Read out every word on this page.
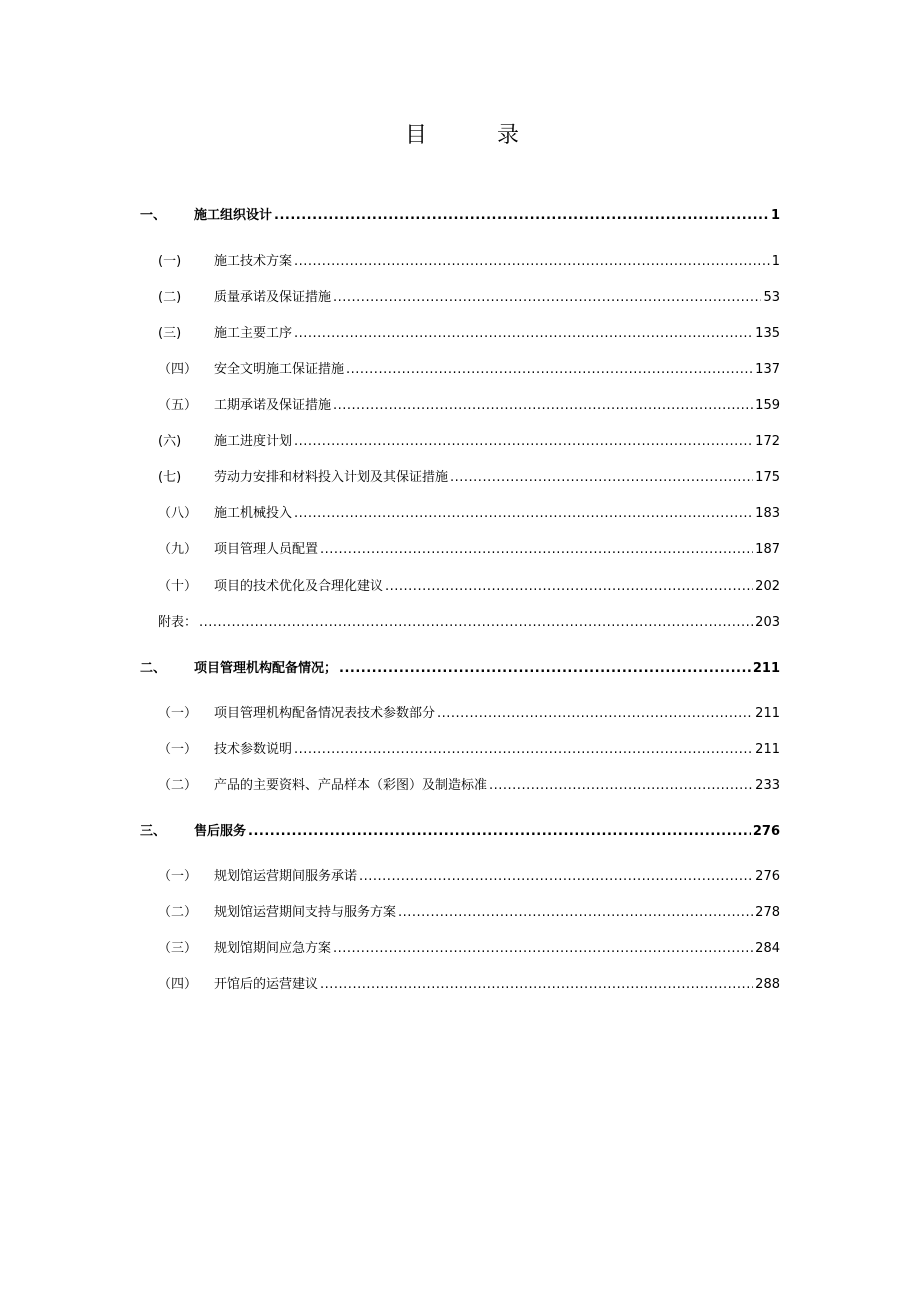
目　录
一、 施工组织设计 .....	1
(一)	施工技术方案 .....	1
(二)	质量承诺及保证措施 .....	53
(三)	施工主要工序 .....	135
（四） 安全文明施工保证措施 .....	137
（五） 工期承诺及保证措施 .....	159
(六)	施工进度计划 .....	172
(七)	劳动力安排和材料投入计划及其保证措施 .....	175
（八） 施工机械投入 .....	183
（九） 项目管理人员配置 .....	187
（十） 项目的技术优化及合理化建议 .....	202
附表： .....	203
二、 项目管理机构配备情况； .....	211
（一） 项目管理机构配备情况表技术参数部分 .....	211
（一） 技术参数说明 .....	211
（二） 产品的主要资料、产品样本（彩图）及制造标准 .....	233
三、 售后服务 .....	276
（一） 规划馆运营期间服务承诺 .....	276
（二） 规划馆运营期间支持与服务方案 .....	278
（三） 规划馆期间应急方案 .....	284
（四） 开馆后的运营建议 .....	288
